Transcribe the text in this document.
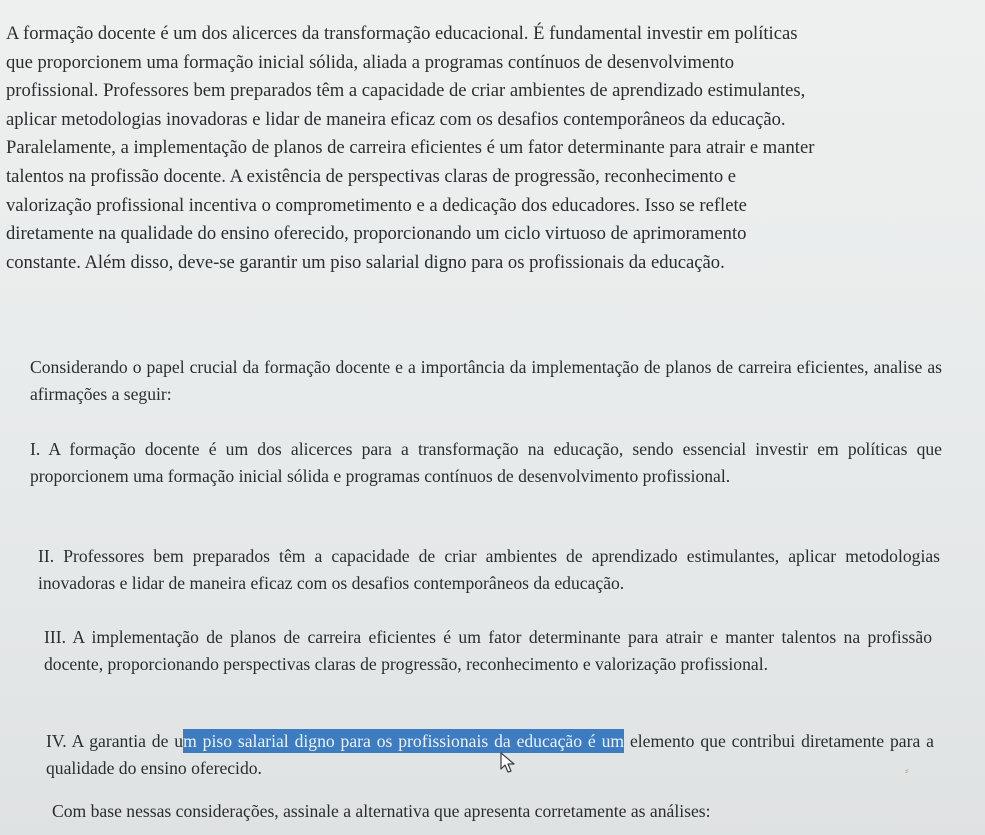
A formação docente é um dos alicerces da transformação educacional. É fundamental investir em políticas
que proporcionem uma formação inicial sólida, aliada a programas contínuos de desenvolvimento
profissional. Professores bem preparados têm a capacidade de criar ambientes de aprendizado estimulantes,
aplicar metodologias inovadoras e lidar de maneira eficaz com os desafios contemporâneos da educação.
Paralelamente, a implementação de planos de carreira eficientes é um fator determinante para atrair e manter
talentos na profissão docente. A existência de perspectivas claras de progressão, reconhecimento e
valorização profissional incentiva o comprometimento e a dedicação dos educadores. Isso se reflete
diretamente na qualidade do ensino oferecido, proporcionando um ciclo virtuoso de aprimoramento
constante. Além disso, deve-se garantir um piso salarial digno para os profissionais da educação.
Considerando o papel crucial da formação docente e a importância da implementação de planos de carreira eficientes, analise as afirmações a seguir:
I. A formação docente é um dos alicerces para a transformação na educação, sendo essencial investir em políticas que proporcionem uma formação inicial sólida e programas contínuos de desenvolvimento profissional.
II. Professores bem preparados têm a capacidade de criar ambientes de aprendizado estimulantes, aplicar metodologias inovadoras e lidar de maneira eficaz com os desafios contemporâneos da educação.
III. A implementação de planos de carreira eficientes é um fator determinante para atrair e manter talentos na profissão docente, proporcionando perspectivas claras de progressão, reconhecimento e valorização profissional.
IV. A garantia de um piso salarial digno para os profissionais da educação é um elemento que contribui diretamente para a qualidade do ensino oferecido.
Com base nessas considerações, assinale a alternativa que apresenta corretamente as análises:
⸗
